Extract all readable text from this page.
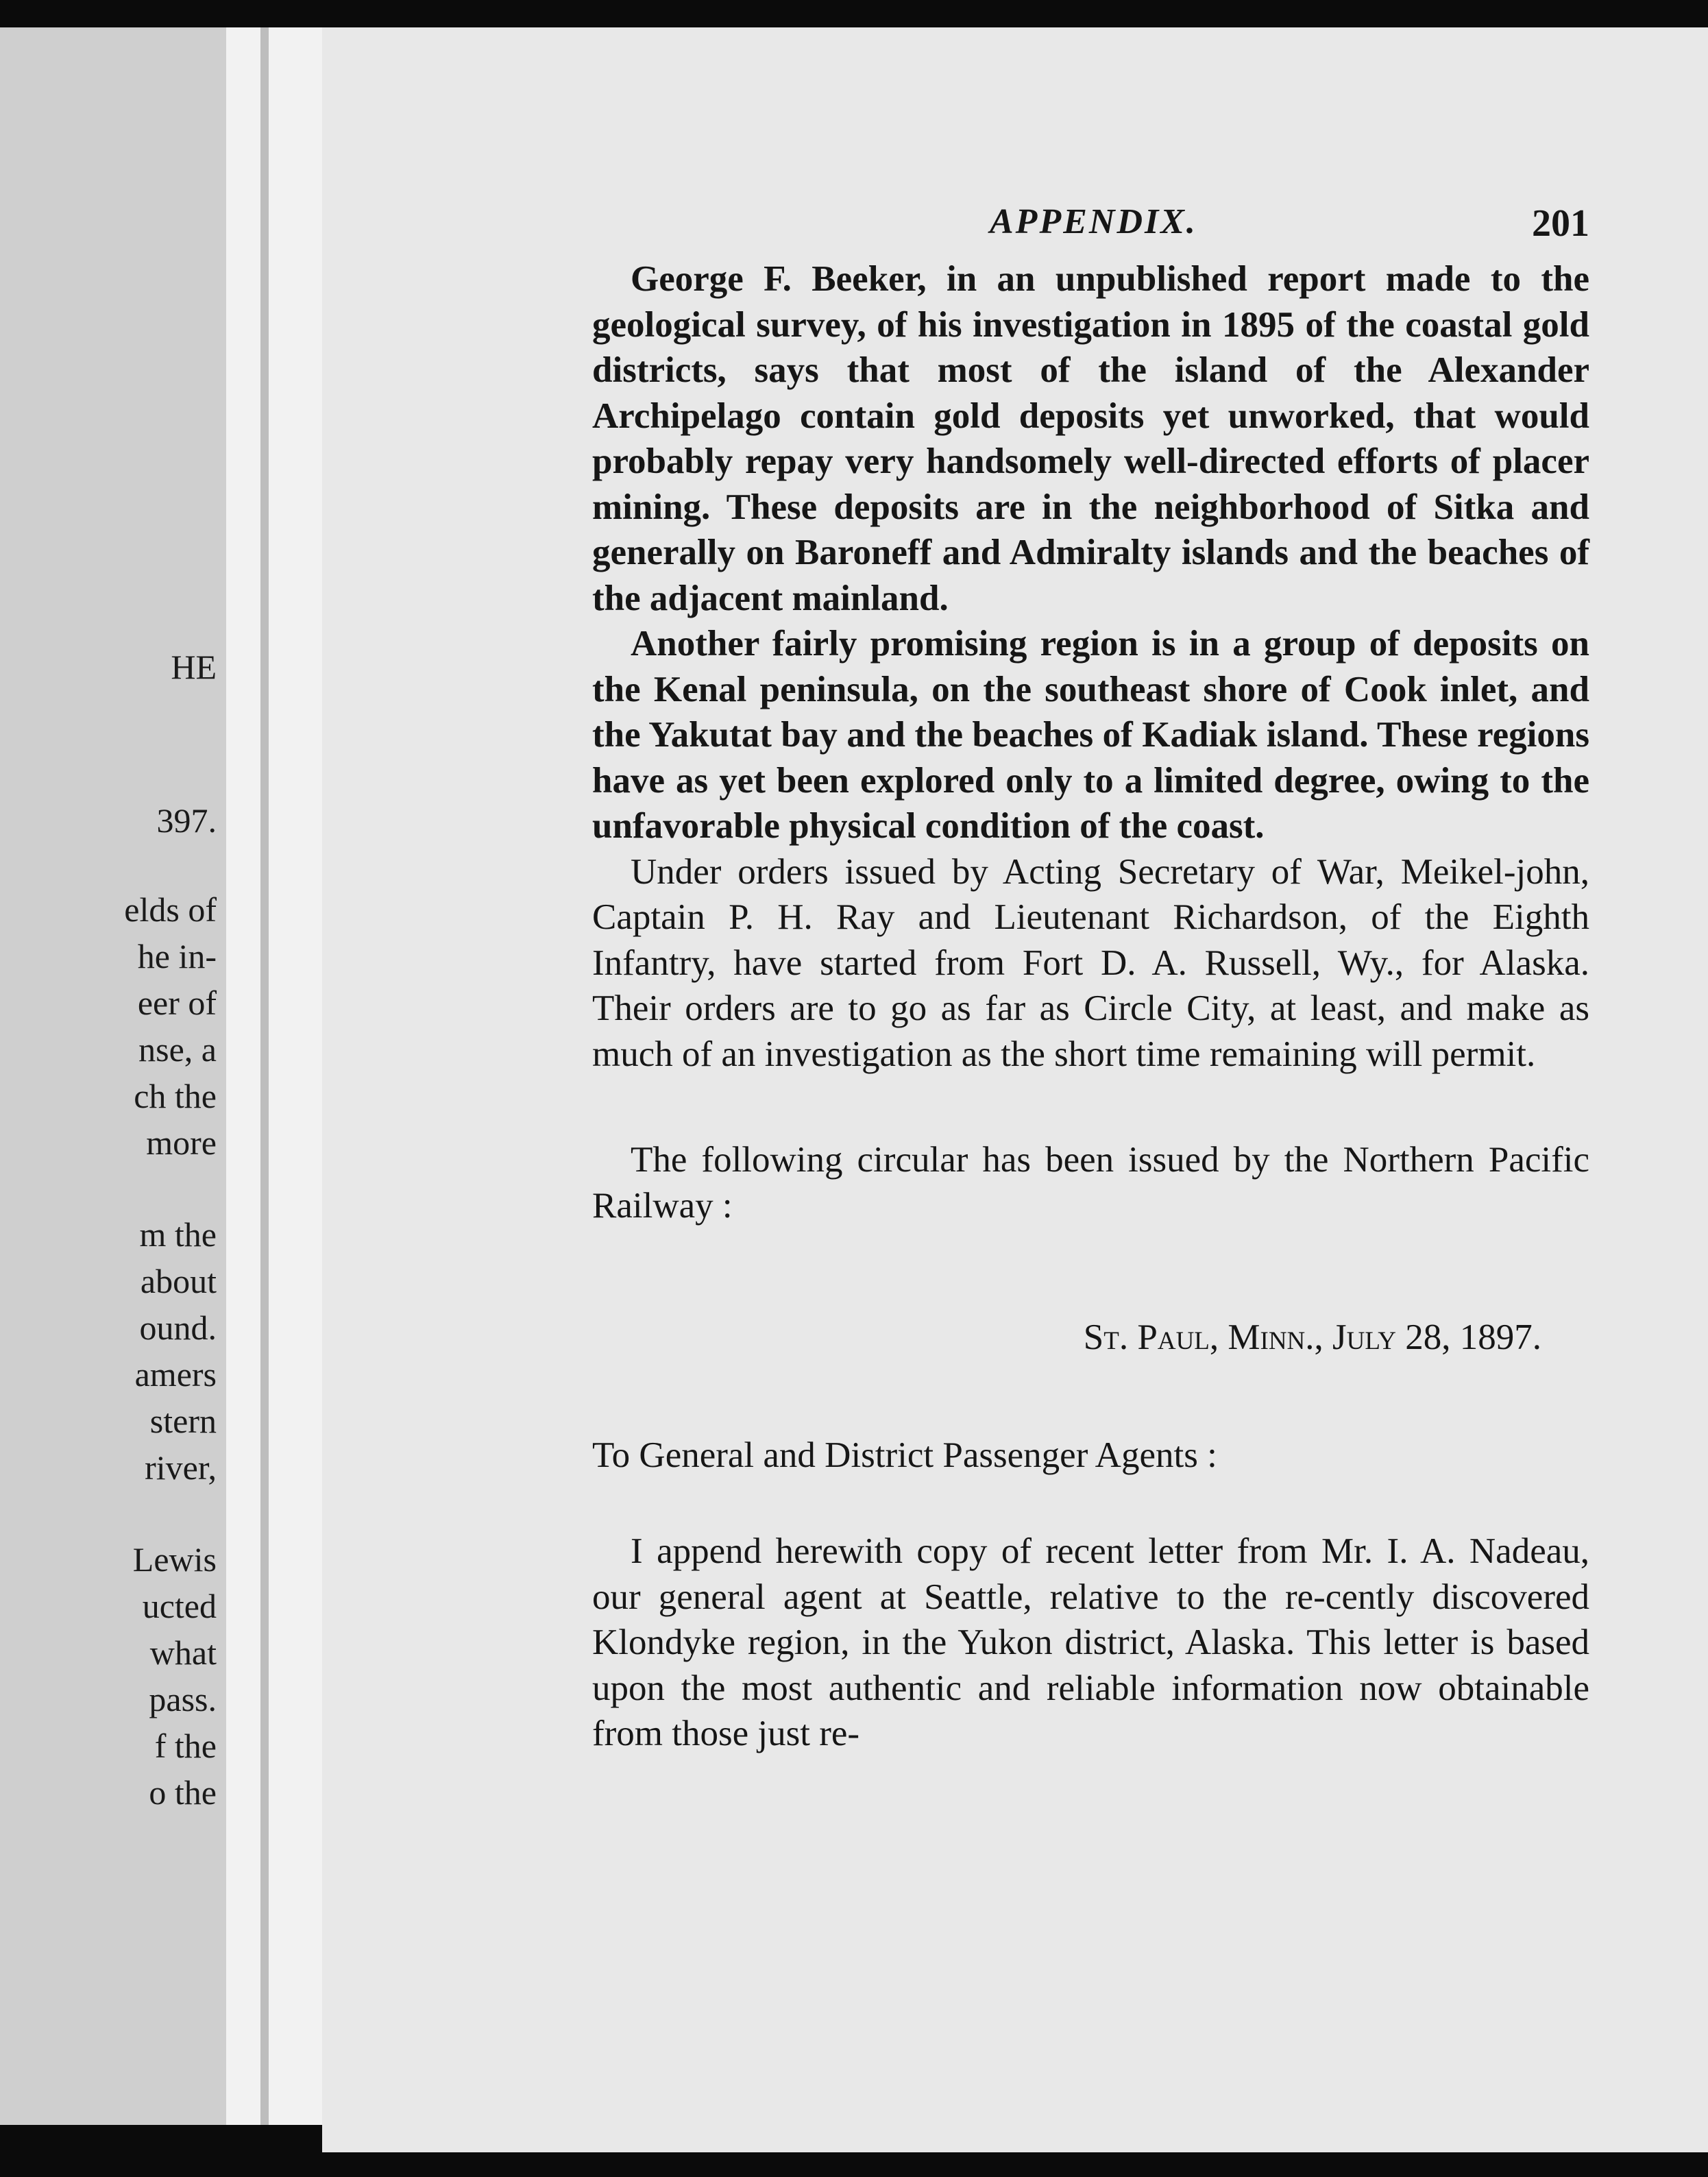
HE
397.
elds of
he in-
eer of
nse, a
ch the
more
m the
about
ound.
amers
stern
river,
Lewis
ucted
what
pass.
f the
o the
APPENDIX.	201

George F. Beeker, in an unpublished report made to the geological survey, of his investigation in 1895 of the coastal gold districts, says that most of the island of the Alexander Archipelago contain gold deposits yet unworked, that would probably repay very handsomely well-directed efforts of placer mining. These deposits are in the neighborhood of Sitka and generally on Baroneff and Admiralty islands and the beaches of the adjacent mainland.

Another fairly promising region is in a group of deposits on the Kenal peninsula, on the southeast shore of Cook inlet, and the Yakutat bay and the beaches of Kadiak island. These regions have as yet been explored only to a limited degree, owing to the unfavorable physical condition of the coast.

Under orders issued by Acting Secretary of War, Meikel-john, Captain P. H. Ray and Lieutenant Richardson, of the Eighth Infantry, have started from Fort D. A. Russell, Wy., for Alaska. Their orders are to go as far as Circle City, at least, and make as much of an investigation as the short time remaining will permit.

The following circular has been issued by the Northern Pacific Railway :

St. Paul, Minn., July 28, 1897.
To General and District Passenger Agents :

I append herewith copy of recent letter from Mr. I. A. Nadeau, our general agent at Seattle, relative to the re-cently discovered Klondyke region, in the Yukon district, Alaska. This letter is based upon the most authentic and reliable information now obtainable from those just re-
